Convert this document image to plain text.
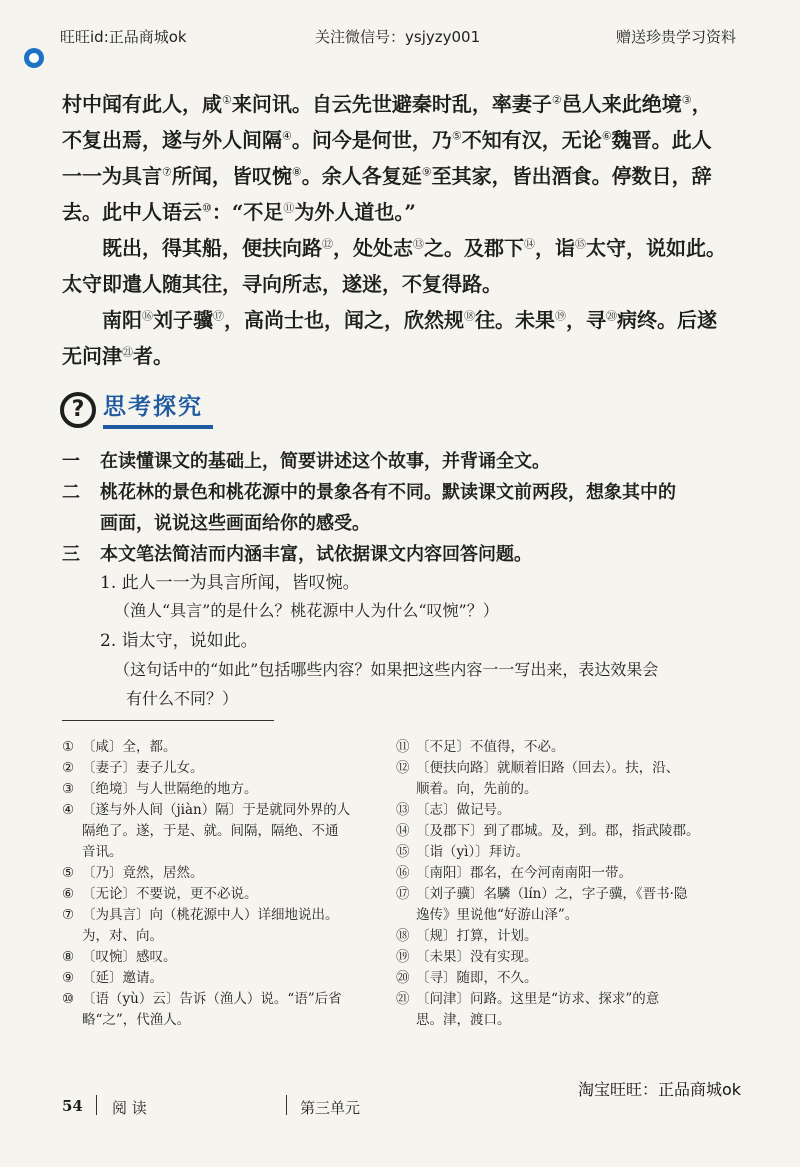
旺旺id:正品商城ok	关注微信号：ysjyzy001	赠送珍贵学习资料
村中闻有此人，咸①来问讯。自云先世避秦时乱，率妻子②邑人来此绝境③，
不复出焉，遂与外人间隔④。问今是何世，乃⑤不知有汉，无论⑥魏晋。此人
一一为具言⑦所闻，皆叹惋⑧。余人各复延⑨至其家，皆出酒食。停数日，辞
去。此中人语云⑩：“不足⑪为外人道也。”
既出，得其船，便扶向路⑫，处处志⑬之。及郡下⑭，诣⑮太守，说如此。
太守即遣人随其往，寻向所志，遂迷，不复得路。
南阳⑯刘子骥⑰，高尚士也，闻之，欣然规⑱往。未果⑲，寻⑳病终。后遂
无问津$^㉑$者。
? 思考探究
一 在读懂课文的基础上，简要讲述这个故事，并背诵全文。
二 桃花林的景色和桃花源中的景象各有不同。默读课文前两段，想象其中的
画面，说说这些画面给你的感受。
三 本文笔法简洁而内涵丰富，试依据课文内容回答问题。
1. 此人一一为具言所闻，皆叹惋。
（渔人“具言”的是什么？桃花源中人为什么“叹惋”？）
2. 诣太守，说如此。
（这句话中的“如此”包括哪些内容？如果把这些内容一一写出来，表达效果会
有什么不同？）
① 〔咸〕全，都。
② 〔妻子〕妻子儿女。
③ 〔绝境〕与人世隔绝的地方。
④ 〔遂与外人间（jiàn）隔〕于是就同外界的人
隔绝了。遂，于是、就。间隔，隔绝、不通
音讯。
⑤ 〔乃〕竟然，居然。
⑥ 〔无论〕不要说，更不必说。
⑦ 〔为具言〕向（桃花源中人）详细地说出。
为，对、向。
⑧ 〔叹惋〕感叹。
⑨ 〔延〕邀请。
⑩ 〔语（yù）云〕告诉（渔人）说。“语”后省
略“之”，代渔人。
⑪ 〔不足〕不值得，不必。
⑫ 〔便扶向路〕就顺着旧路（回去）。扶，沿、
顺着。向，先前的。
⑬ 〔志〕做记号。
⑭ 〔及郡下〕到了郡城。及，到。郡，指武陵郡。
⑮ 〔诣（yì）〕拜访。
⑯ 〔南阳〕郡名，在今河南南阳一带。
⑰ 〔刘子骥〕名驎（lín）之，字子骥，《晋书·隐
逸传》里说他“好游山泽”。
⑱ 〔规〕打算，计划。
⑲ 〔未果〕没有实现。
⑳ 〔寻〕随即，不久。
㉑ 〔问津〕问路。这里是“访求、探求”的意
思。津，渡口。
淘宝旺旺：正品商城ok
54 阅 读	第三单元
